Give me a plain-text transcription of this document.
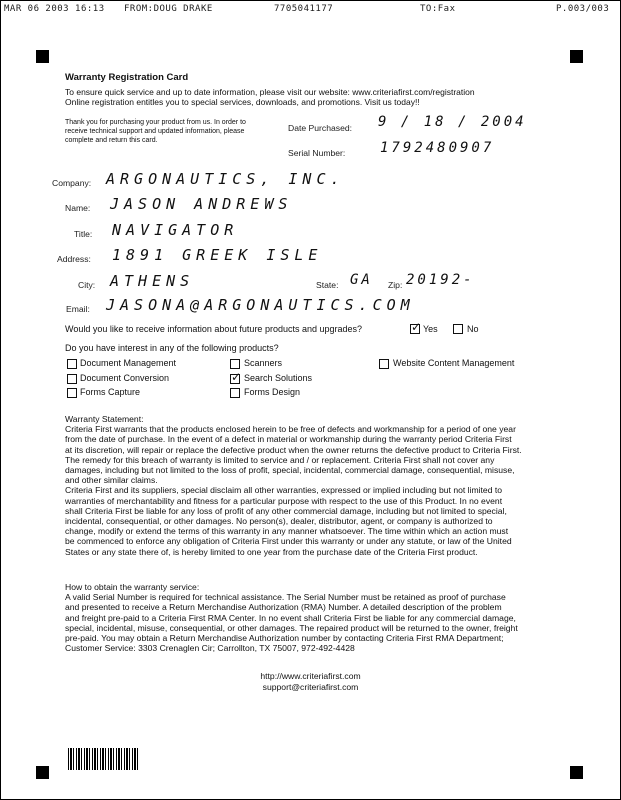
MAR 06 2003 16:13 FROM:DOUG DRAKE	7705041177	TO:Fax	P.003/003
Warranty Registration Card
To ensure quick service and up to date information, please visit our website: www.criteriafirst.com/registration
Online registration entitles you to special services, downloads, and promotions. Visit us today!!
Thank you for purchasing your product from us. In order to
receive technical support and updated information, please
complete and return this card.
Date Purchased: 9 / 18 / 2004
Serial Number: 1792480907
Company: ARGONAUTICS, INC.
Name: JASON ANDREWS
Title: NAVIGATOR
Address: 1891 GREEK ISLE
City: ATHENS	State: GA Zip: 20192-
Email: JASONA@ARGONAUTICS.COM
Would you like to receive information about future products and upgrades?
✓	Yes	No
Do you have interest in any of the following products?
Document Management
Document Conversion
Forms Capture
Scanners
✓
Search Solutions
Forms Design
Website Content Management
Warranty Statement:
Criteria First warrants that the products enclosed herein to be free of defects and workmanship for a period of one year
from the date of purchase. In the event of a defect in material or workmanship during the warranty period Criteria First
at its discretion, will repair or replace the defective product when the owner returns the defective product to Criteria First.
The remedy for this breach of warranty is limited to service and / or replacement. Criteria First shall not cover any
damages, including but not limited to the loss of profit, special, incidental, commercial damage, consequential, misuse,
and other similar claims.
Criteria First and its suppliers, special disclaim all other warranties, expressed or implied including but not limited to
warranties of merchantability and fitness for a particular purpose with respect to the use of this Product. In no event
shall Criteria First be liable for any loss of profit of any other commercial damage, including but not limited to special,
incidental, consequential, or other damages. No person(s), dealer, distributor, agent, or company is authorized to
change, modify or extend the terms of this warranty in any manner whatsoever. The time within which an action must
be commenced to enforce any obligation of Criteria First under this warranty or under any statute, or law of the United
States or any state there of, is hereby limited to one year from the purchase date of the Criteria First product.
How to obtain the warranty service:
A valid Serial Number is required for technical assistance. The Serial Number must be retained as proof of purchase
and presented to receive a Return Merchandise Authorization (RMA) Number. A detailed description of the problem
and freight pre-paid to a Criteria First RMA Center. In no event shall Criteria First be liable for any commercial damage,
special, incidental, misuse, consequential, or other damages. The repaired product will be returned to the owner, freight
pre-paid. You may obtain a Return Merchandise Authorization number by contacting Criteria First RMA Department;
Customer Service: 3303 Crenaglen Cir; Carrollton, TX 75007, 972-492-4428
http://www.criteriafirst.com
support@criteriafirst.com
